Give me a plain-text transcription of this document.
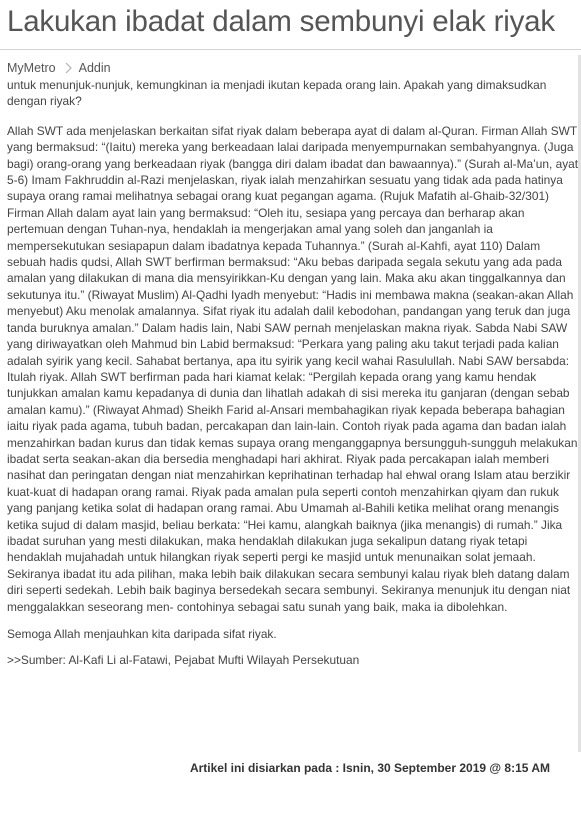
Lakukan ibadat dalam sembunyi elak riyak
MyMetro Addin

untuk menunjuk-nunjuk, kemungkinan ia menjadi ikutan kepada orang lain. Apakah yang dimaksudkan dengan riyak?

Allah SWT ada menjelaskan berkaitan sifat riyak dalam beberapa ayat di dalam al-Quran. Firman Allah SWT yang bermaksud: “(Iaitu) mereka yang berkeadaan lalai daripada menyempurnakan sembahyangnya. (Juga bagi) orang-orang yang berkeadaan riyak (bangga diri dalam ibadat dan bawaannya).” (Surah al-Ma’un, ayat 5-6) Imam Fakhruddin al-Razi menjelaskan, riyak ialah menzahirkan sesuatu yang tidak ada pada hatinya supaya orang ramai melihatnya sebagai orang kuat pegangan agama. (Rujuk Mafatih al-Ghaib-32/301) Firman Allah dalam ayat lain yang bermaksud: “Oleh itu, sesiapa yang percaya dan berharap akan pertemuan dengan Tuhan-nya, hendaklah ia mengerjakan amal yang soleh dan janganlah ia mempersekutukan sesiapapun dalam ibadatnya kepada Tuhannya.” (Surah al-Kahfi, ayat 110) Dalam sebuah hadis qudsi, Allah SWT berfirman bermaksud: “Aku bebas daripada segala sekutu yang ada pada amalan yang dilakukan di mana dia mensyirikkan-Ku dengan yang lain. Maka aku akan tinggalkannya dan sekutunya itu.” (Riwayat Muslim) Al-Qadhi Iyadh menyebut: “Hadis ini membawa makna (seakan-akan Allah menyebut) Aku menolak amalannya. Sifat riyak itu adalah dalil kebodohan, pandangan yang teruk dan juga tanda buruknya amalan.” Dalam hadis lain, Nabi SAW pernah menjelaskan makna riyak. Sabda Nabi SAW yang diriwayatkan oleh Mahmud bin Labid bermaksud: “Perkara yang paling aku takut terjadi pada kalian adalah syirik yang kecil. Sahabat bertanya, apa itu syirik yang kecil wahai Rasulullah. Nabi SAW bersabda: Itulah riyak. Allah SWT berfirman pada hari kiamat kelak: “Pergilah kepada orang yang kamu hendak tunjukkan amalan kamu kepadanya di dunia dan lihatlah adakah di sisi mereka itu ganjaran (dengan sebab amalan kamu).” (Riwayat Ahmad) Sheikh Farid al-Ansari membahagikan riyak kepada beberapa bahagian iaitu riyak pada agama, tubuh badan, percakapan dan lain-lain. Contoh riyak pada agama dan badan ialah menzahirkan badan kurus dan tidak kemas supaya orang menganggapnya bersungguh-sungguh melakukan ibadat serta seakan-akan dia bersedia menghadapi hari akhirat. Riyak pada percakapan ialah memberi nasihat dan peringatan dengan niat menzahirkan keprihatinan terhadap hal ehwal orang Islam atau berzikir kuat-kuat di hadapan orang ramai. Riyak pada amalan pula seperti contoh menzahirkan qiyam dan rukuk yang panjang ketika solat di hadapan orang ramai. Abu Umamah al-Bahili ketika melihat orang menangis ketika sujud di dalam masjid, beliau berkata: “Hei kamu, alangkah baiknya (jika menangis) di rumah.” Jika ibadat suruhan yang mesti dilakukan, maka hendaklah dilakukan juga sekalipun datang riyak tetapi hendaklah mujahadah untuk hilangkan riyak seperti pergi ke masjid untuk menunaikan solat jemaah. Sekiranya ibadat itu ada pilihan, maka lebih baik dilakukan secara sembunyi kalau riyak bleh datang dalam diri seperti sedekah. Lebih baik baginya bersedekah secara sembunyi. Sekiranya menunjuk itu dengan niat menggalakkan seseorang men- contohinya sebagai satu sunah yang baik, maka ia dibolehkan.

Semoga Allah menjauhkan kita daripada sifat riyak.

>>Sumber: Al-Kafi Li al-Fatawi, Pejabat Mufti Wilayah Persekutuan

Artikel ini disiarkan pada : Isnin, 30 September 2019 @ 8:15 AM
